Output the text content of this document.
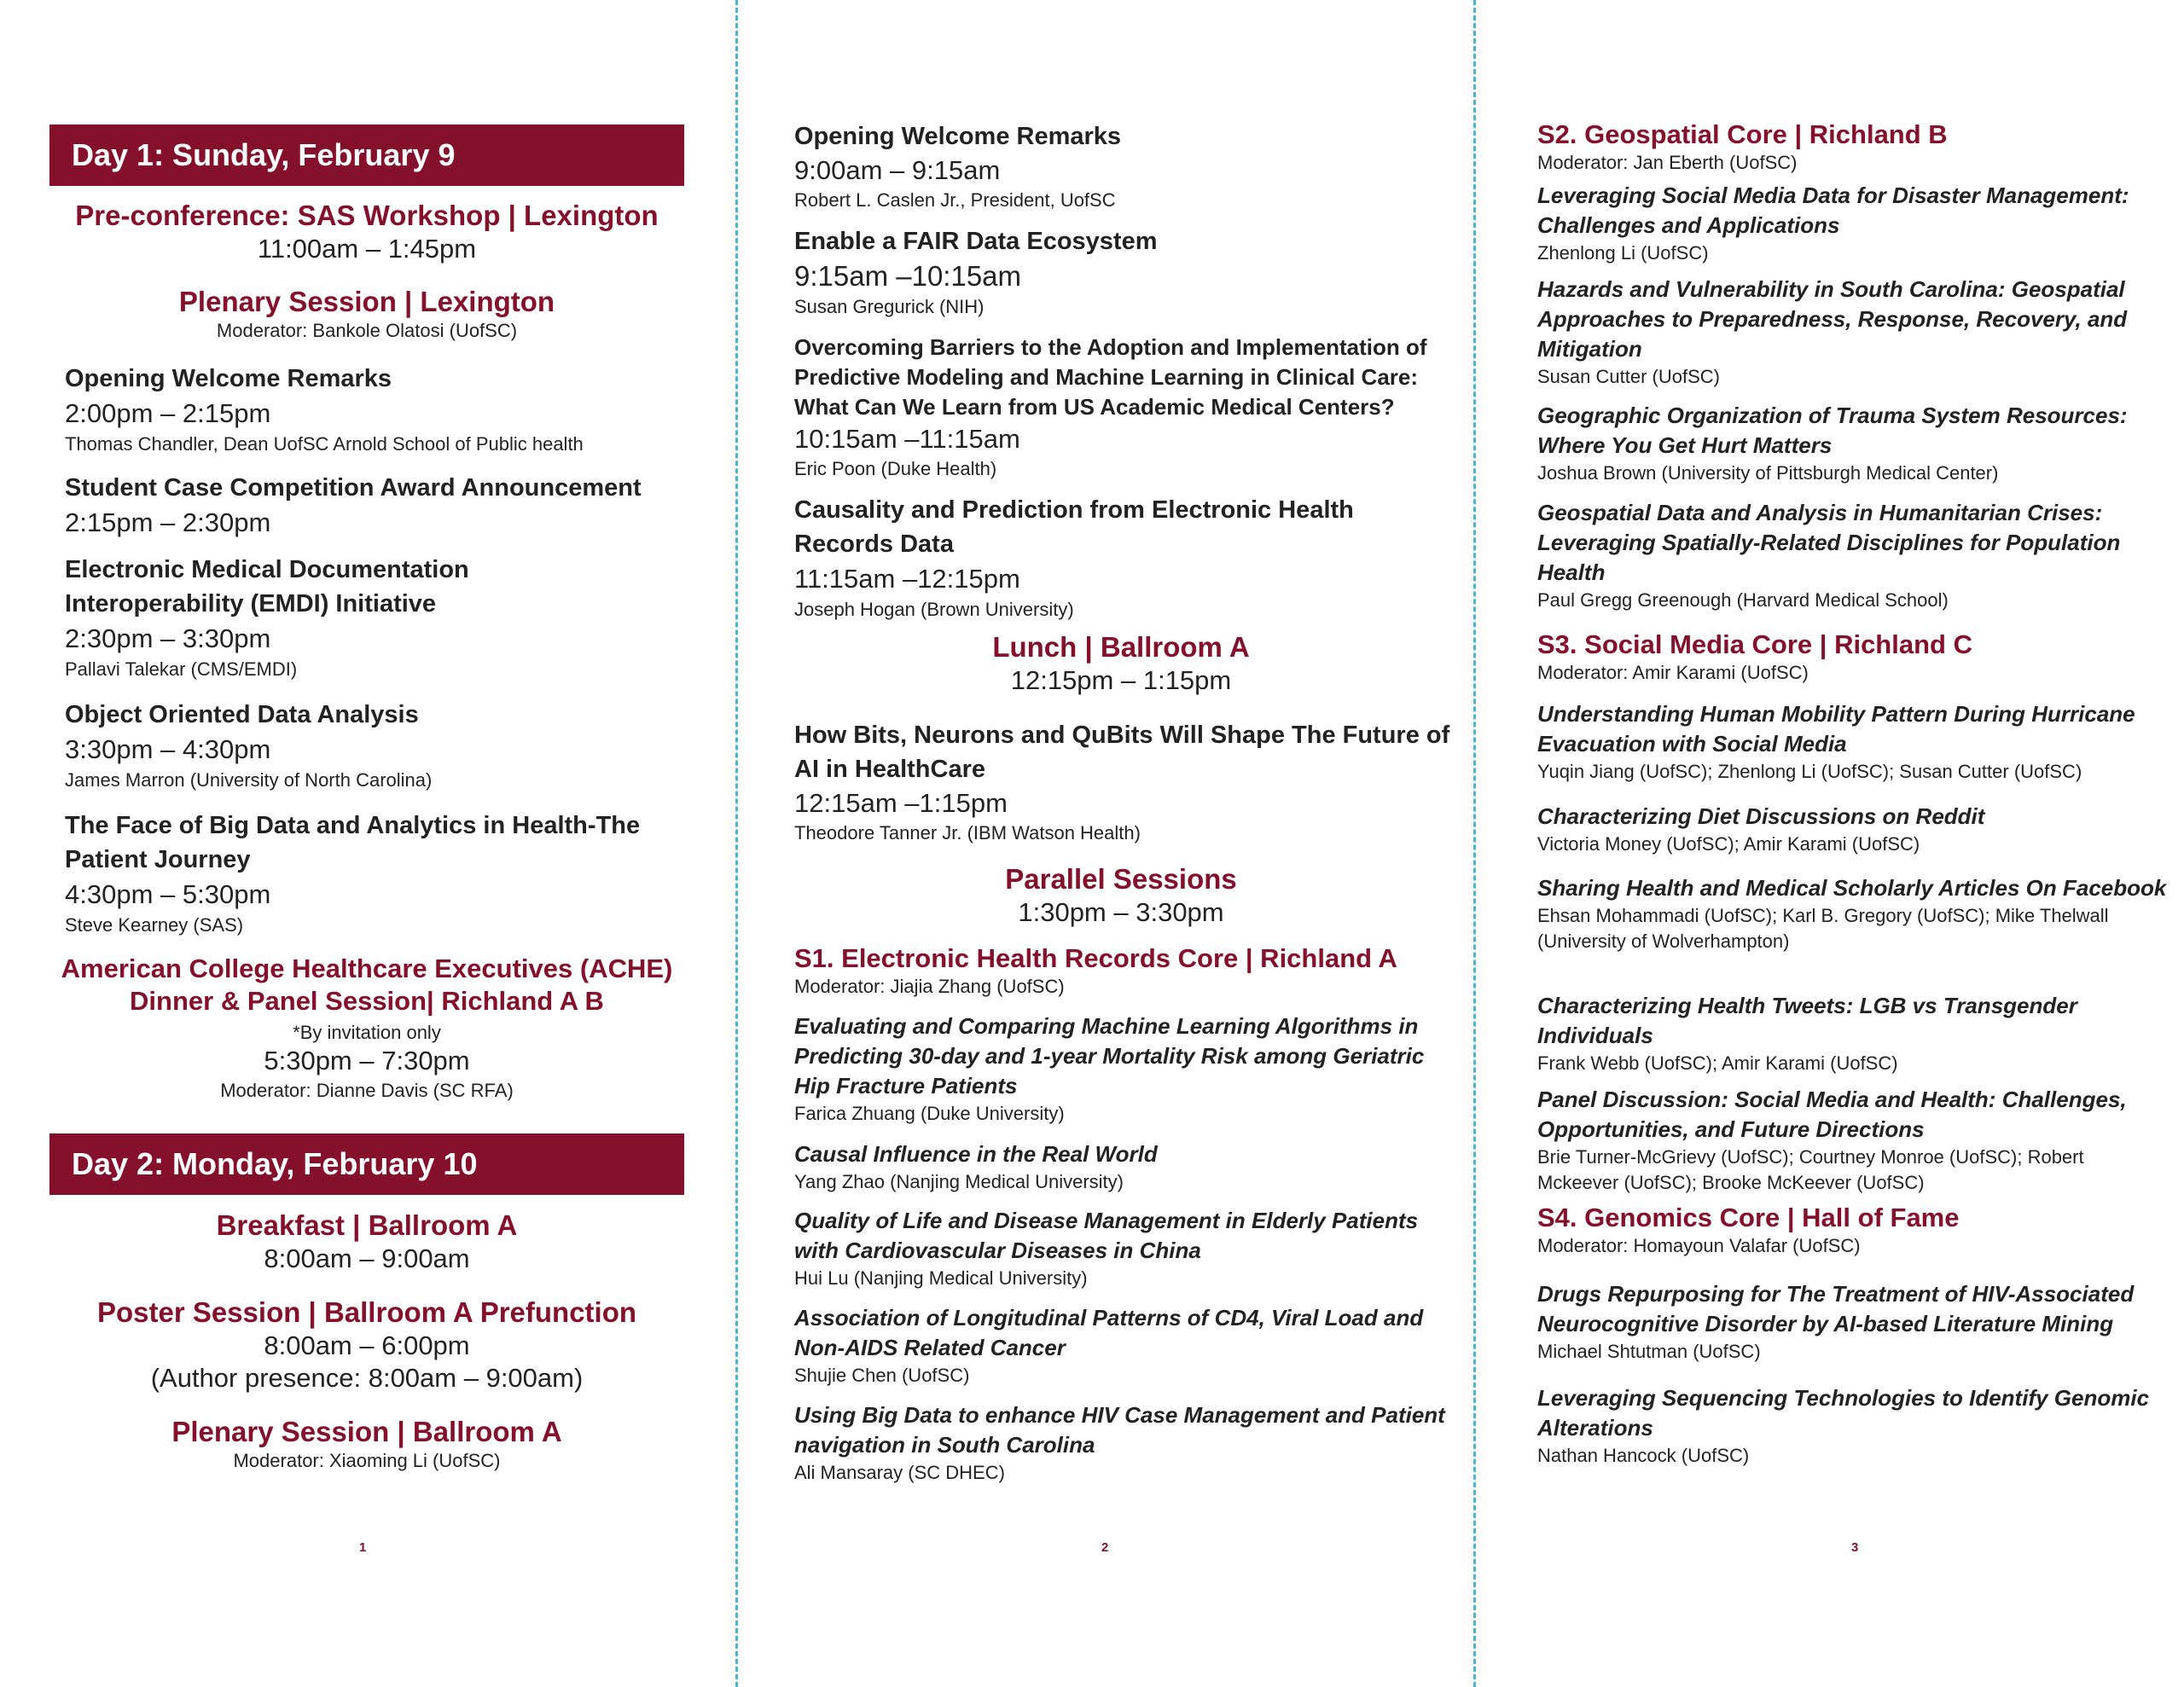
Day 1: Sunday, February 9
Pre-conference: SAS Workshop | Lexington
11:00am – 1:45pm
Plenary Session | Lexington
Moderator: Bankole Olatosi (UofSC)
Opening Welcome Remarks
2:00pm – 2:15pm
Thomas Chandler, Dean UofSC Arnold School of Public health
Student Case Competition Award Announcement
2:15pm – 2:30pm
Electronic Medical Documentation Interoperability (EMDI) Initiative
2:30pm – 3:30pm
Pallavi Talekar (CMS/EMDI)
Object Oriented Data Analysis
3:30pm – 4:30pm
James Marron (University of North Carolina)
The Face of Big Data and Analytics in Health-The Patient Journey
4:30pm – 5:30pm
Steve Kearney (SAS)
American College Healthcare Executives (ACHE)
Dinner & Panel Session| Richland A B
*By invitation only
5:30pm – 7:30pm
Moderator: Dianne Davis (SC RFA)
Day 2: Monday, February 10
Breakfast | Ballroom A
8:00am – 9:00am
Poster Session | Ballroom A Prefunction
8:00am – 6:00pm
(Author presence: 8:00am – 9:00am)
Plenary Session | Ballroom A
Moderator: Xiaoming Li (UofSC)
1
Opening Welcome Remarks
9:00am – 9:15am
Robert L. Caslen Jr., President, UofSC
Enable a FAIR Data Ecosystem
9:15am –10:15am
Susan Gregurick (NIH)
Overcoming Barriers to the Adoption and Implementation of Predictive Modeling and Machine Learning in Clinical Care: What Can We Learn from US Academic Medical Centers?
10:15am –11:15am
Eric Poon (Duke Health)
Causality and Prediction from Electronic Health Records Data
11:15am –12:15pm
Joseph Hogan (Brown University)
Lunch | Ballroom A
12:15pm – 1:15pm
How Bits, Neurons and QuBits Will Shape The Future of AI in HealthCare
12:15am –1:15pm
Theodore Tanner Jr. (IBM Watson Health)
Parallel Sessions
1:30pm – 3:30pm
S1. Electronic Health Records Core | Richland A
Moderator: Jiajia Zhang (UofSC)
Evaluating and Comparing Machine Learning Algorithms in Predicting 30-day and 1-year Mortality Risk among Geriatric Hip Fracture Patients
Farica Zhuang (Duke University)
Causal Influence in the Real World
Yang Zhao (Nanjing Medical University)
Quality of Life and Disease Management in Elderly Patients with Cardiovascular Diseases in China
Hui Lu (Nanjing Medical University)
Association of Longitudinal Patterns of CD4, Viral Load and Non-AIDS Related Cancer
Shujie Chen (UofSC)
Using Big Data to enhance HIV Case Management and Patient navigation in South Carolina
Ali Mansaray (SC DHEC)
2
S2. Geospatial Core | Richland B
Moderator: Jan Eberth (UofSC)
Leveraging Social Media Data for Disaster Management: Challenges and Applications
Zhenlong Li (UofSC)
Hazards and Vulnerability in South Carolina: Geospatial Approaches to Preparedness, Response, Recovery, and Mitigation
Susan Cutter (UofSC)
Geographic Organization of Trauma System Resources: Where You Get Hurt Matters
Joshua Brown (University of Pittsburgh Medical Center)
Geospatial Data and Analysis in Humanitarian Crises: Leveraging Spatially-Related Disciplines for Population Health
Paul Gregg Greenough (Harvard Medical School)
S3. Social Media Core | Richland C
Moderator: Amir Karami (UofSC)
Understanding Human Mobility Pattern During Hurricane Evacuation with Social Media
Yuqin Jiang (UofSC); Zhenlong Li (UofSC); Susan Cutter (UofSC)
Characterizing Diet Discussions on Reddit
Victoria Money (UofSC); Amir Karami (UofSC)
Sharing Health and Medical Scholarly Articles On Facebook
Ehsan Mohammadi (UofSC); Karl B. Gregory (UofSC); Mike Thelwall (University of Wolverhampton)
Characterizing Health Tweets: LGB vs Transgender Individuals
Frank Webb (UofSC); Amir Karami (UofSC)
Panel Discussion: Social Media and Health: Challenges, Opportunities, and Future Directions
Brie Turner-McGrievy (UofSC); Courtney Monroe (UofSC); Robert Mckeever (UofSC); Brooke McKeever (UofSC)
S4. Genomics Core | Hall of Fame
Moderator: Homayoun Valafar (UofSC)
Drugs Repurposing for The Treatment of HIV-Associated Neurocognitive Disorder by AI-based Literature Mining
Michael Shtutman (UofSC)
Leveraging Sequencing Technologies to Identify Genomic Alterations
Nathan Hancock (UofSC)
3
